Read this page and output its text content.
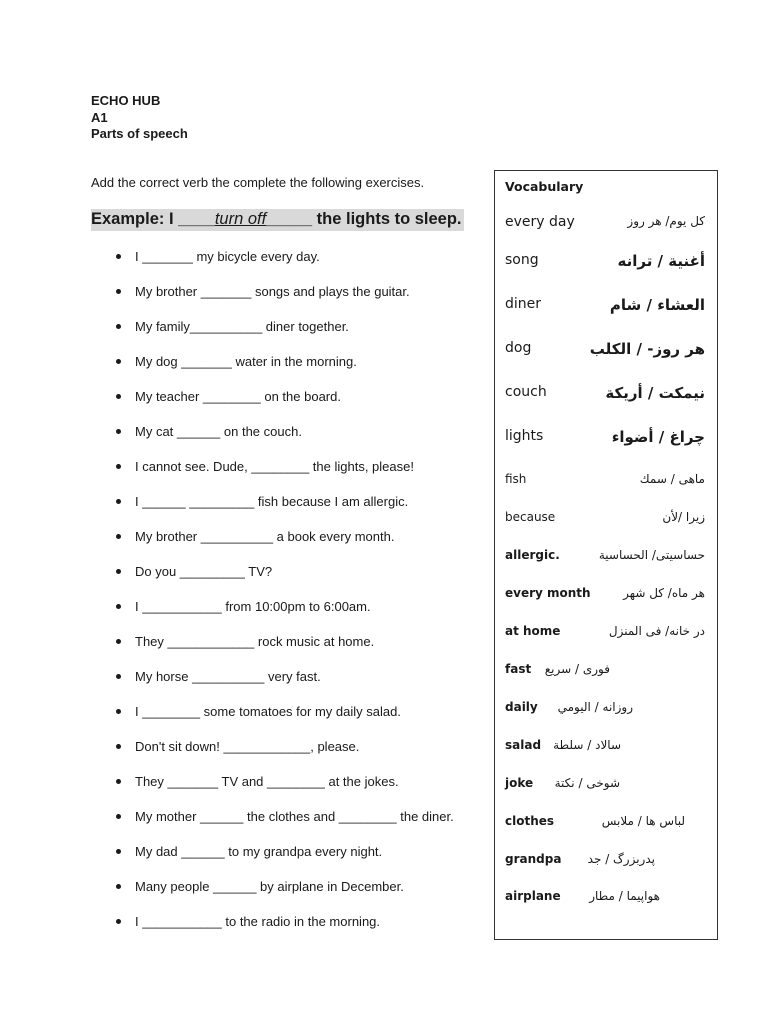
ECHO HUB
A1
Parts of speech
Add the correct verb the complete the following exercises.
Example: I ____turn off_____ the lights to sleep.
I _______ my bicycle every day.
My brother _______ songs and plays the guitar.
My family__________ diner together.
My dog _______ water in the morning.
My teacher ________ on the board.
My cat ______ on the couch.
I cannot see. Dude, ________ the lights, please!
I ______ _________ fish because I am allergic.
My brother __________ a book every month.
Do you _________ TV?
I ___________ from 10:00pm to 6:00am.
They ____________ rock music at home.
My horse __________ very fast.
I ________ some tomatoes for my daily salad.
Don't sit down! ____________, please.
They _______ TV and ________ at the jokes.
My mother ______ the clothes and ________ the diner.
My dad ______ to my grandpa every night.
Many people ______ by airplane in December.
I ___________ to the radio in the morning.
Vocabulary
every day	كل يوم/ هر روز
song	أغنية / ترانه
diner	العشاء / شام
dog	هر روز- / الكلب
couch	نيمكت / أريكة
lights	چراغ / أضواء
fish	ماهی / سمك
because	زيرا /لأن
allergic.	حساسيتى/ الحساسية
every month	هر ماه/ كل شهر
at home	در خانه/ فى المنزل
fast فورى / سريع
daily روزانه / اليومي
salad سالاد / سلطة
joke شوخی / نكتة
clothes	لباس ها / ملابس
grandpa پدربزرگ / جد
airplane هواپيما / مطار
